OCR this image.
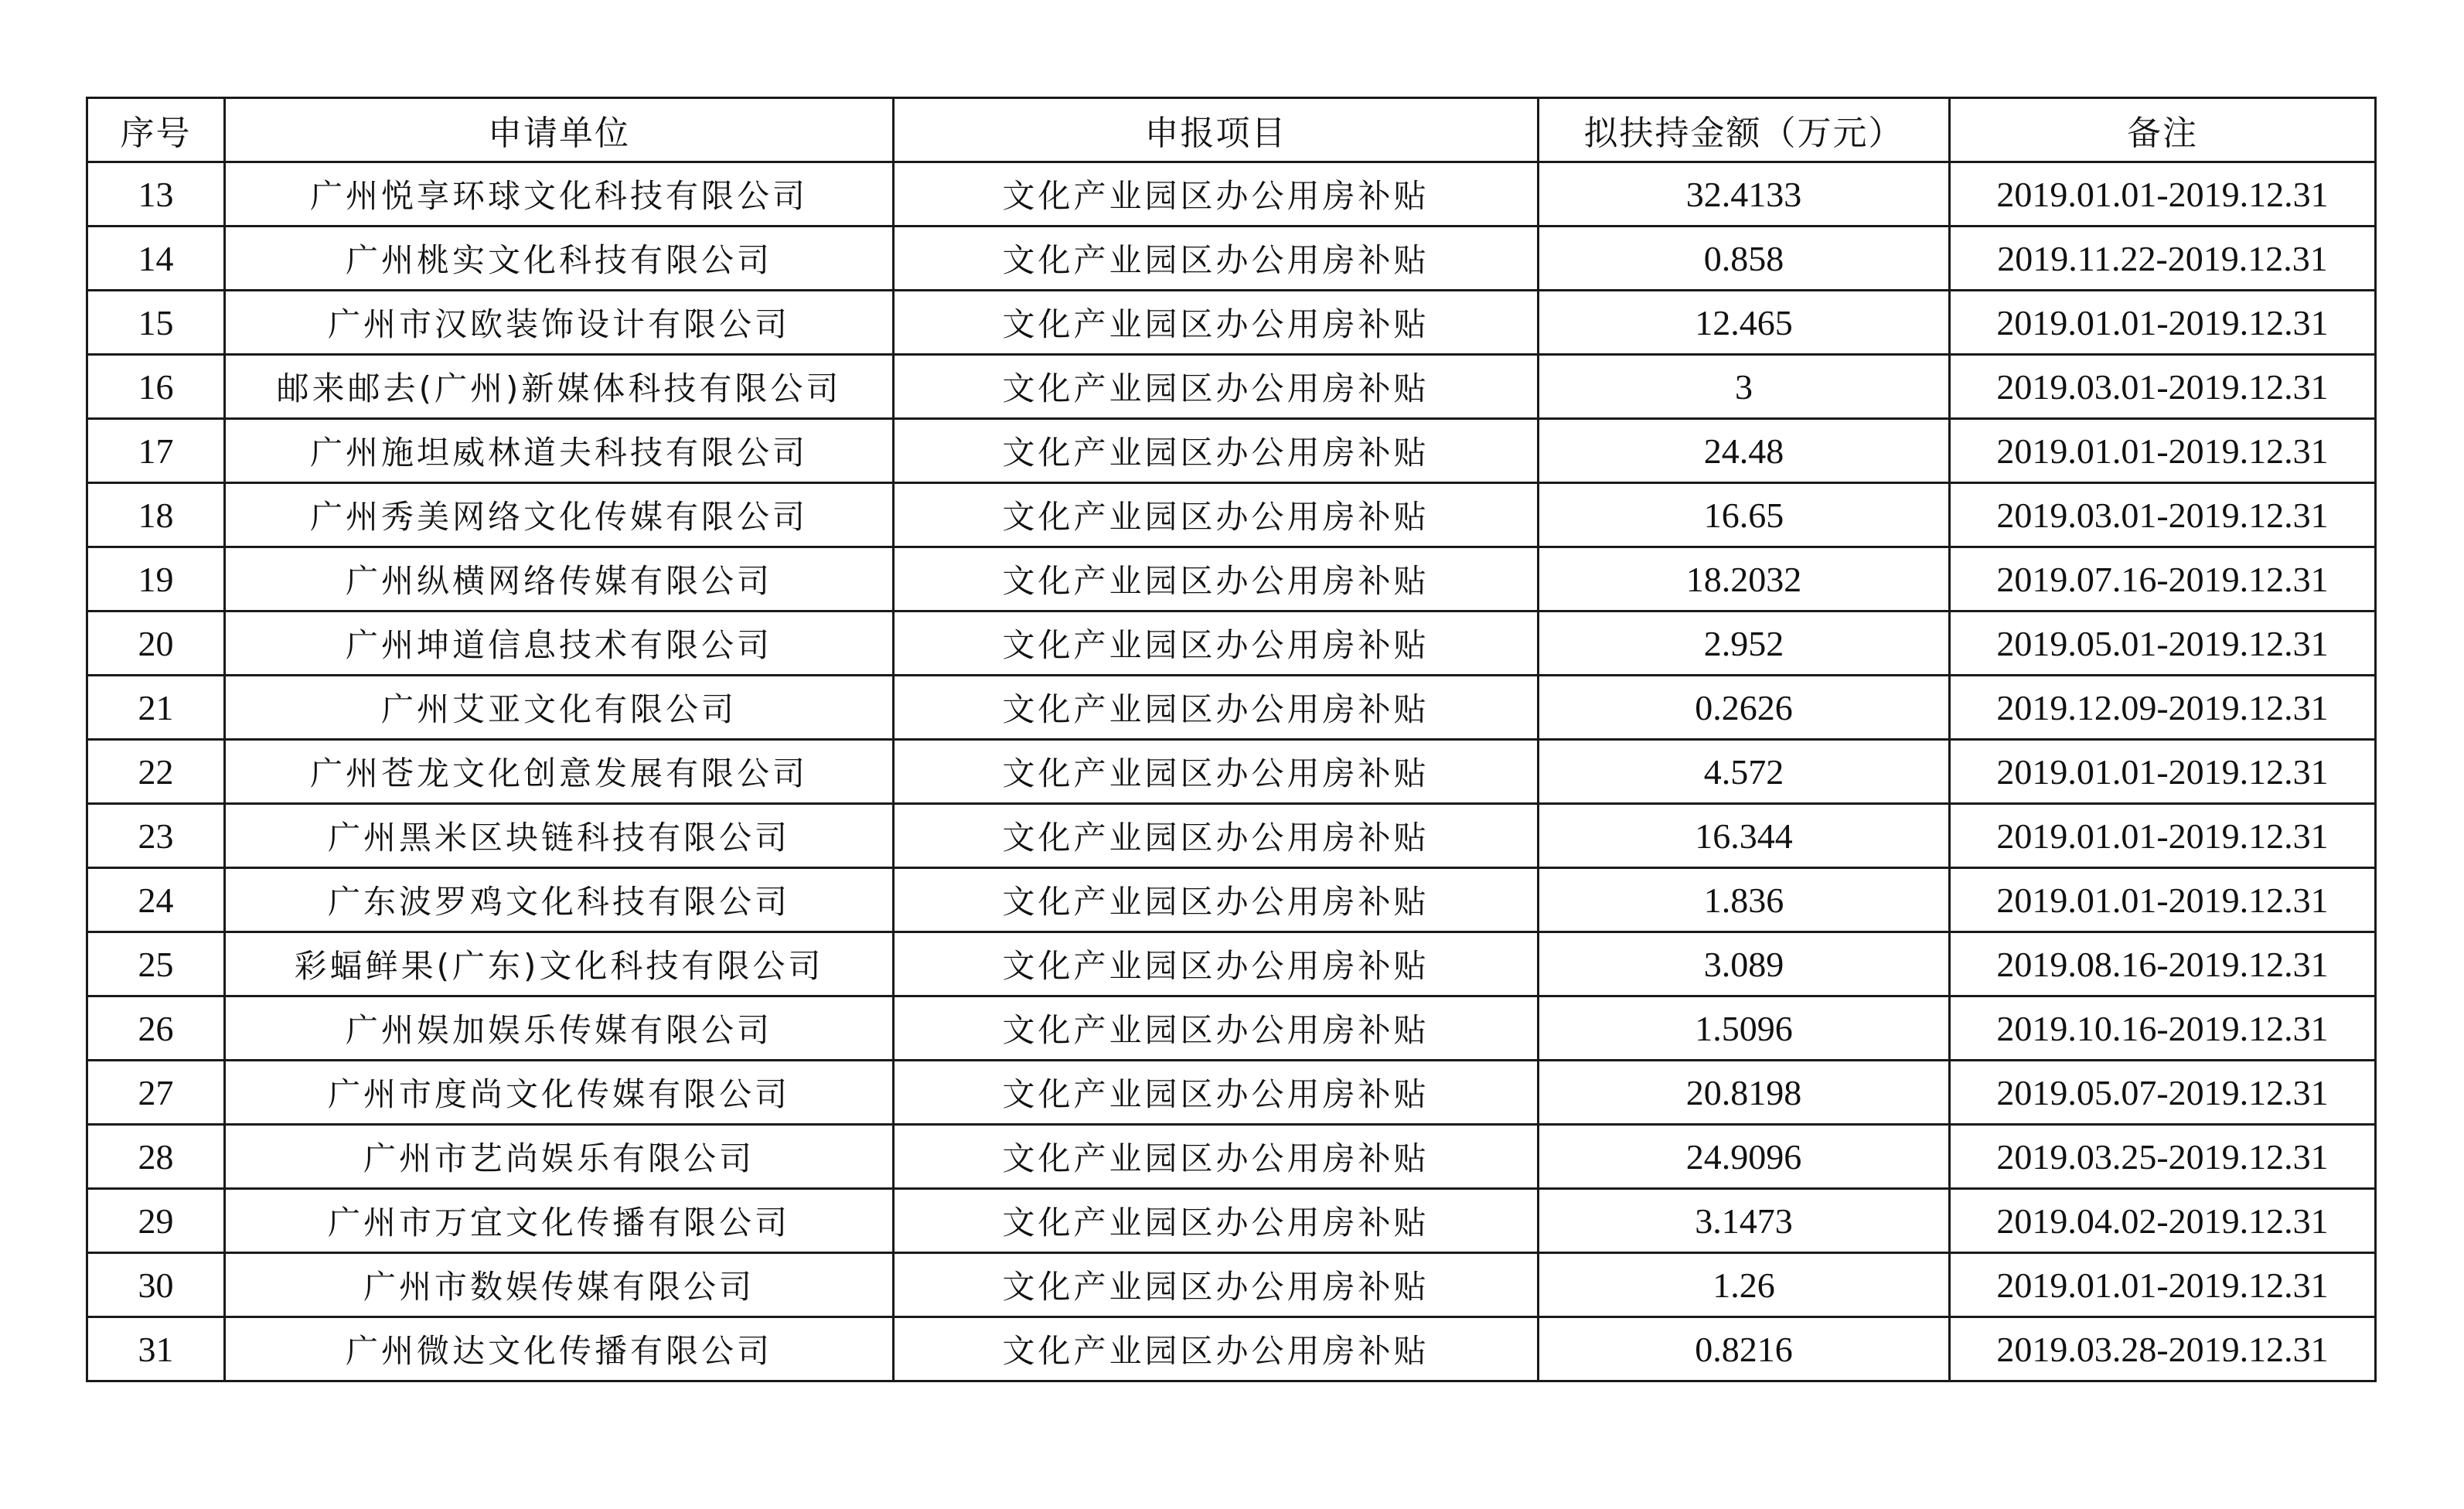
序号	申请单位	申报项目	拟扶持金额（万元）	备注
13	广州悦享环球文化科技有限公司	文化产业园区办公用房补贴	32.4133	2019.01.01-2019.12.31
14	广州桃实文化科技有限公司	文化产业园区办公用房补贴	0.858	2019.11.22-2019.12.31
15	广州市汉欧装饰设计有限公司	文化产业园区办公用房补贴	12.465	2019.01.01-2019.12.31
16	邮来邮去(广州)新媒体科技有限公司	文化产业园区办公用房补贴	3	2019.03.01-2019.12.31
17	广州施坦威林道夫科技有限公司	文化产业园区办公用房补贴	24.48	2019.01.01-2019.12.31
18	广州秀美网络文化传媒有限公司	文化产业园区办公用房补贴	16.65	2019.03.01-2019.12.31
19	广州纵横网络传媒有限公司	文化产业园区办公用房补贴	18.2032	2019.07.16-2019.12.31
20	广州坤道信息技术有限公司	文化产业园区办公用房补贴	2.952	2019.05.01-2019.12.31
21	广州艾亚文化有限公司	文化产业园区办公用房补贴	0.2626	2019.12.09-2019.12.31
22	广州苍龙文化创意发展有限公司	文化产业园区办公用房补贴	4.572	2019.01.01-2019.12.31
23	广州黑米区块链科技有限公司	文化产业园区办公用房补贴	16.344	2019.01.01-2019.12.31
24	广东波罗鸡文化科技有限公司	文化产业园区办公用房补贴	1.836	2019.01.01-2019.12.31
25	彩蝠鲜果(广东)文化科技有限公司	文化产业园区办公用房补贴	3.089	2019.08.16-2019.12.31
26	广州娱加娱乐传媒有限公司	文化产业园区办公用房补贴	1.5096	2019.10.16-2019.12.31
27	广州市度尚文化传媒有限公司	文化产业园区办公用房补贴	20.8198	2019.05.07-2019.12.31
28	广州市艺尚娱乐有限公司	文化产业园区办公用房补贴	24.9096	2019.03.25-2019.12.31
29	广州市万宜文化传播有限公司	文化产业园区办公用房补贴	3.1473	2019.04.02-2019.12.31
30	广州市数娱传媒有限公司	文化产业园区办公用房补贴	1.26	2019.01.01-2019.12.31
31	广州微达文化传播有限公司	文化产业园区办公用房补贴	0.8216	2019.03.28-2019.12.31
